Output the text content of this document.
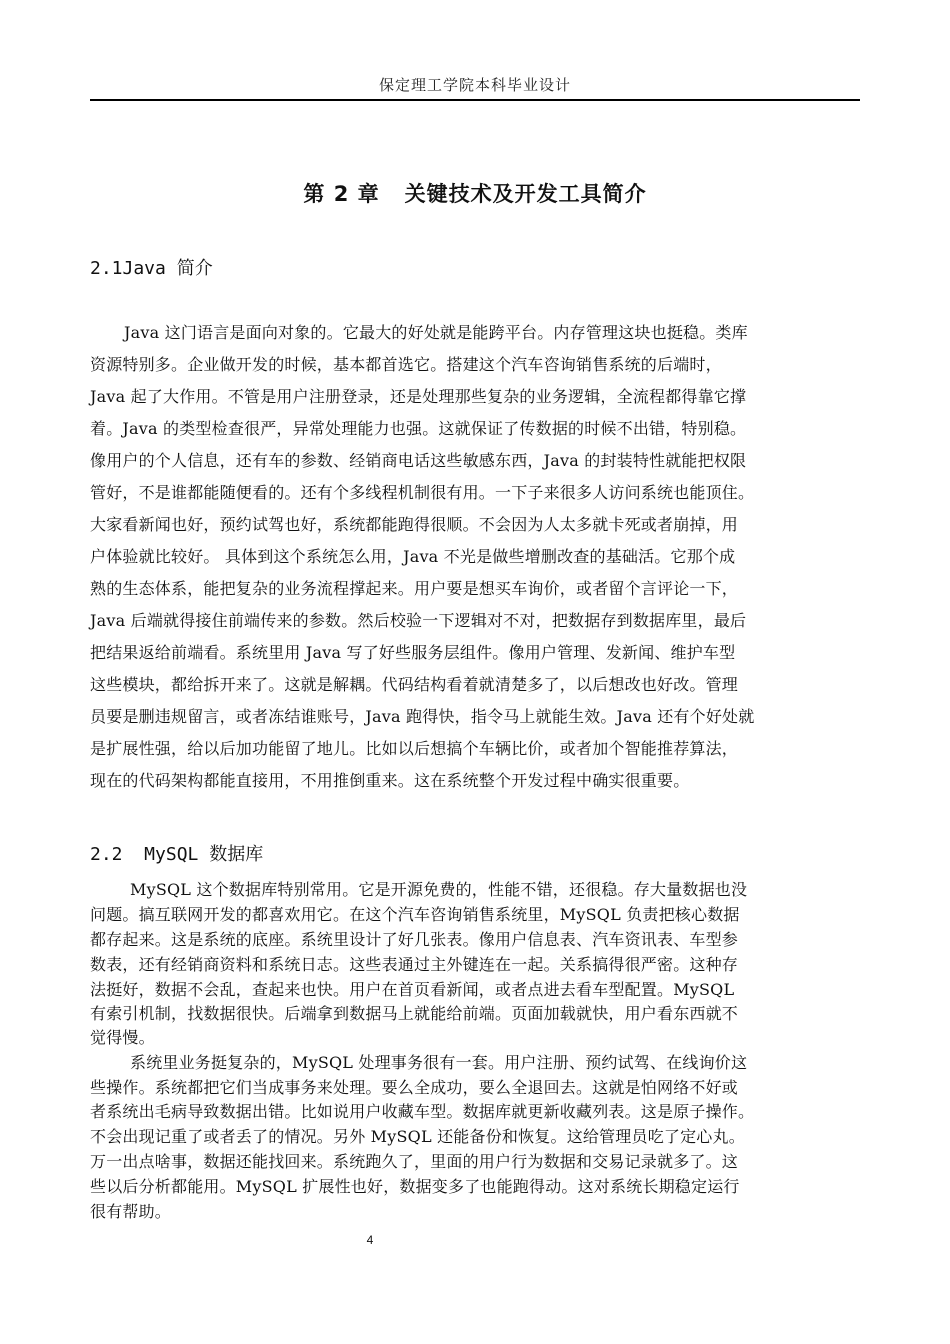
保定理工学院本科毕业设计
第 2 章   关键技术及开发工具简介
2.1Java 简介
Java 这门语言是面向对象的。它最大的好处就是能跨平台。内存管理这块也挺稳。类库
资源特别多。企业做开发的时候，基本都首选它。搭建这个汽车咨询销售系统的后端时，
Java 起了大作用。不管是用户注册登录，还是处理那些复杂的业务逻辑，全流程都得靠它撑
着。Java 的类型检查很严，异常处理能力也强。这就保证了传数据的时候不出错，特别稳。
像用户的个人信息，还有车的参数、经销商电话这些敏感东西，Java 的封装特性就能把权限
管好，不是谁都能随便看的。还有个多线程机制很有用。一下子来很多人访问系统也能顶住。
大家看新闻也好，预约试驾也好，系统都能跑得很顺。不会因为人太多就卡死或者崩掉，用
户体验就比较好。 具体到这个系统怎么用，Java 不光是做些增删改查的基础活。它那个成
熟的生态体系，能把复杂的业务流程撑起来。用户要是想买车询价，或者留个言评论一下，
Java 后端就得接住前端传来的参数。然后校验一下逻辑对不对，把数据存到数据库里，最后
把结果返给前端看。系统里用 Java 写了好些服务层组件。像用户管理、发新闻、维护车型
这些模块，都给拆开来了。这就是解耦。代码结构看着就清楚多了，以后想改也好改。管理
员要是删违规留言，或者冻结谁账号，Java 跑得快，指令马上就能生效。Java 还有个好处就
是扩展性强，给以后加功能留了地儿。比如以后想搞个车辆比价，或者加个智能推荐算法，
现在的代码架构都能直接用，不用推倒重来。这在系统整个开发过程中确实很重要。
2.2  MySQL 数据库
MySQL 这个数据库特别常用。它是开源免费的，性能不错，还很稳。存大量数据也没
问题。搞互联网开发的都喜欢用它。在这个汽车咨询销售系统里，MySQL 负责把核心数据
都存起来。这是系统的底座。系统里设计了好几张表。像用户信息表、汽车资讯表、车型参
数表，还有经销商资料和系统日志。这些表通过主外键连在一起。关系搞得很严密。这种存
法挺好，数据不会乱，查起来也快。用户在首页看新闻，或者点进去看车型配置。MySQL
有索引机制，找数据很快。后端拿到数据马上就能给前端。页面加载就快，用户看东西就不
觉得慢。
系统里业务挺复杂的，MySQL 处理事务很有一套。用户注册、预约试驾、在线询价这
些操作。系统都把它们当成事务来处理。要么全成功，要么全退回去。这就是怕网络不好或
者系统出毛病导致数据出错。比如说用户收藏车型。数据库就更新收藏列表。这是原子操作。
不会出现记重了或者丢了的情况。另外 MySQL 还能备份和恢复。这给管理员吃了定心丸。
万一出点啥事，数据还能找回来。系统跑久了，里面的用户行为数据和交易记录就多了。这
些以后分析都能用。MySQL 扩展性也好，数据变多了也能跑得动。这对系统长期稳定运行
很有帮助。
4
